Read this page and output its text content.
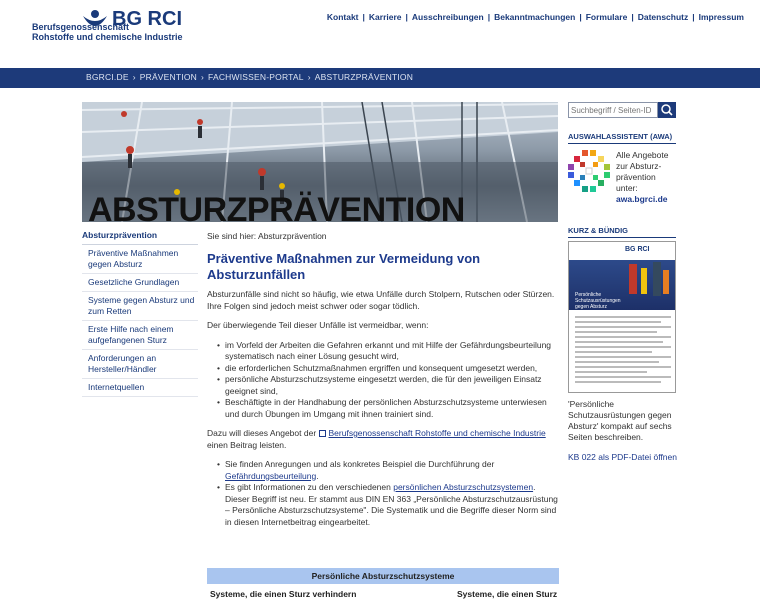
BG RCI
Berufsgenossenschaft
Rohstoffe und chemische Industrie
Kontakt | Karriere | Ausschreibungen | Bekanntmachungen | Formulare | Datenschutz | Impressum
BGRCI.DE › PRÄVENTION › FACHWISSEN-PORTAL › ABSTURZPRÄVENTION
ABSTURZPRÄVENTION
Absturzprävention
Präventive Maßnahmen gegen Absturz
Gesetzliche Grundlagen
Systeme gegen Absturz und zum Retten
Erste Hilfe nach einem aufgefangenen Sturz
Anforderungen an Hersteller/Händler
Internetquellen
Sie sind hier: Absturzprävention
Präventive Maßnahmen zur Vermeidung von Absturzunfällen

Absturzunfälle sind nicht so häufig, wie etwa Unfälle durch Stolpern, Rutschen oder Stürzen. Ihre Folgen sind jedoch meist schwer oder sogar tödlich.

Der überwiegende Teil dieser Unfälle ist vermeidbar, wenn:

• im Vorfeld der Arbeiten die Gefahren erkannt und mit Hilfe der Gefährdungsbeurteilung systematisch nach einer Lösung gesucht wird,
• die erforderlichen Schutzmaßnahmen ergriffen und konsequent umgesetzt werden,
• persönliche Absturzschutzsysteme eingesetzt werden, die für den jeweiligen Einsatz geeignet sind,
• Beschäftigte in der Handhabung der persönlichen Absturzschutzsysteme unterwiesen und durch Übungen im Umgang mit ihnen trainiert sind.

Dazu will dieses Angebot der Berufsgenossenschaft Rohstoffe und chemische Industrie einen Beitrag leisten.

• Sie finden Anregungen und als konkretes Beispiel die Durchführung der Gefährdungsbeurteilung.
• Es gibt Informationen zu den verschiedenen persönlichen Absturzschutzsystemen. Dieser Begriff ist neu. Er stammt aus DIN EN 363 „Persönliche Absturzschutzausrüstung – Persönliche Absturzschutzsysteme". Die Systematik und die Begriffe dieser Norm sind in diesen Internetbeitrag eingearbeitet.
Persönliche Absturzschutzsysteme
Systeme, die einen Sturz verhindern	Systeme, die einen Sturz
Suchbegriff / Seiten-ID
AUSWAHLASSISTENT (AWA)
Alle Angebote zur Absturz-prävention unter:
awa.bgrci.de
KURZ & BÜNDIG
BG RCI
Persönliche Schutzausrüstungen gegen Absturz
'Persönliche Schutzausrüstungen gegen Absturz' kompakt auf sechs Seiten beschreiben.
KB 022 als PDF-Datei öffnen
